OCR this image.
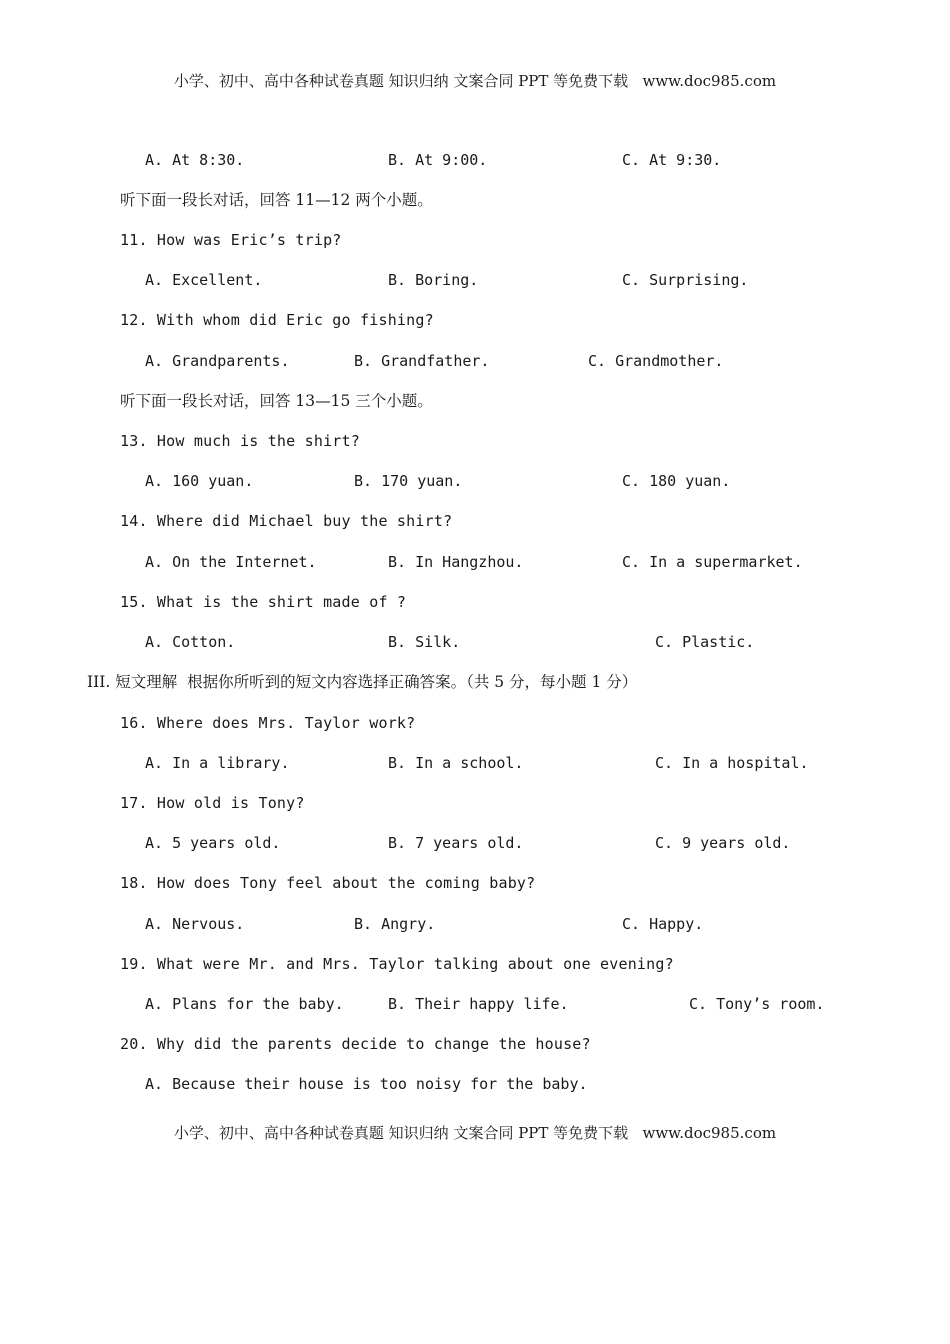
小学、初中、高中各种试卷真题 知识归纳 文案合同 PPT 等免费下载   www.doc985.com
A. At 8:30.	B. At 9:00.	C. At 9:30.
听下面一段长对话，回答 11—12 两个小题。
11. How was Eric’s trip?
A. Excellent.	B. Boring.	C. Surprising.
12. With whom did Eric go fishing?
A. Grandparents.	B. Grandfather.	C. Grandmother.
听下面一段长对话，回答 13—15 三个小题。
13. How much is the shirt?
A. 160 yuan.	B. 170 yuan.	C. 180 yuan.
14. Where did Michael buy the shirt?
A. On the Internet.	B. In Hangzhou.	C. In a supermarket.
15. What is the shirt made of ?
A. Cotton.	B. Silk.	C. Plastic.
III. 短文理解  根据你所听到的短文内容选择正确答案。（共 5 分，每小题 1 分）
16. Where does Mrs. Taylor work?
A. In a library.	B. In a school.	C. In a hospital.
17. How old is Tony?
A. 5 years old.	B. 7 years old.	C. 9 years old.
18. How does Tony feel about the coming baby?
A. Nervous.	B. Angry.	C. Happy.
19. What were Mr. and Mrs. Taylor talking about one evening?
A. Plans for the baby.	B. Their happy life.	C. Tony’s room.
20. Why did the parents decide to change the house?
A. Because their house is too noisy for the baby.
小学、初中、高中各种试卷真题 知识归纳 文案合同 PPT 等免费下载   www.doc985.com
